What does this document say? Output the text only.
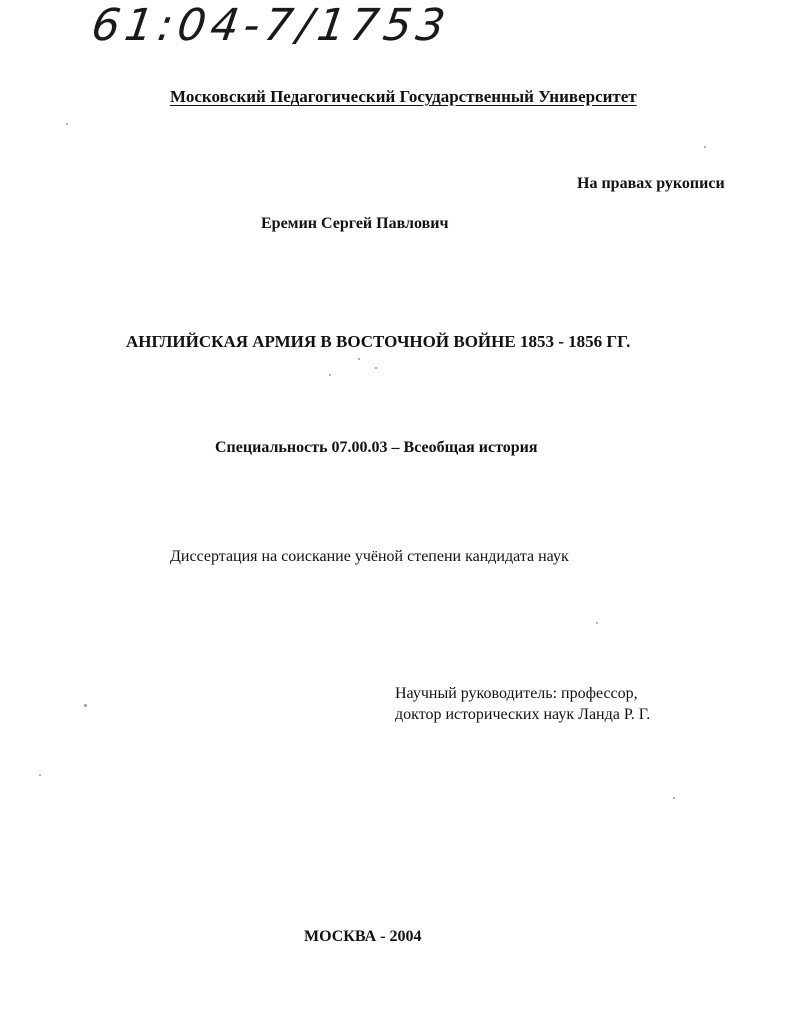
61:04-7/1753
Московский Педагогический Государственный Университет
На правах рукописи
Еремин Сергей Павлович
АНГЛИЙСКАЯ АРМИЯ В ВОСТОЧНОЙ ВОЙНЕ 1853 - 1856 ГГ.
Специальность 07.00.03 – Всеобщая история
Диссертация на соискание учёной степени кандидата наук
Научный руководитель: профессор,
доктор исторических наук Ланда Р. Г.
МОСКВА - 2004
